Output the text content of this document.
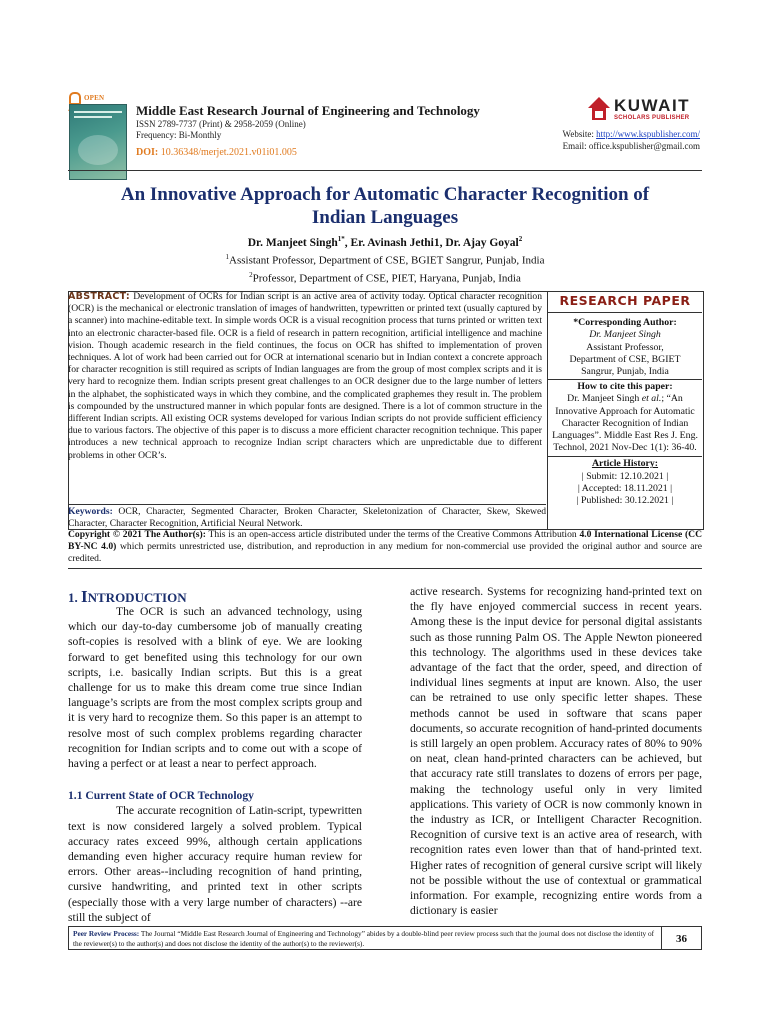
OPEN
Middle East Research Journal of Engineering and Technology
ISSN 2789-7737 (Print) & 2958-2059 (Online)
Frequency: Bi-Monthly
DOI: 10.36348/merjet.2021.v01i01.005
KUWAIT
SCHOLARS PUBLISHER
Website: http://www.kspublisher.com/
Email: office.kspublisher@gmail.com
An Innovative Approach for Automatic Character Recognition of
Indian Languages
Dr. Manjeet Singh$^{1*}$, Er. Avinash Jethi1, Dr. Ajay Goyal$^2$
$^1$Assistant Professor, Department of CSE, BGIET Sangrur, Punjab, India
$^2$Professor, Department of CSE, PIET, Haryana, Punjab, India
ABSTRACT: Development of OCRs for Indian script is an active area of activity today. Optical character recognition (OCR) is the mechanical or electronic translation of images of handwritten, typewritten or printed text (usually captured by a scanner) into machine-editable text. In simple words OCR is a visual recognition process that turns printed or written text into an electronic character-based file. OCR is a field of research in pattern recognition, artificial intelligence and machine vision. Though academic research in the field continues, the focus on OCR has shifted to implementation of proven techniques. A lot of work had been carried out for OCR at international scenario but in Indian context a concrete approach for character recognition is still required as scripts of Indian languages are from the group of most complex scripts and it is very hard to recognize them. Indian scripts present great challenges to an OCR designer due to the large number of letters in the alphabet, the sophisticated ways in which they combine, and the complicated graphemes they result in. The problem is compounded by the unstructured manner in which popular fonts are designed. There is a lot of common structure in the different Indian scripts. All existing OCR systems developed for various Indian scripts do not provide sufficient efficiency due to various factors. The objective of this paper is to discuss a more efficient character recognition technique. This paper introduces a new technical approach to recognize Indian script characters which are unpredictable due to different problems in other OCR’s.
Keywords: OCR, Character, Segmented Character, Broken Character, Skeletonization of Character, Skew, Skewed Character, Character Recognition, Artificial Neural Network.
RESEARCH PAPER
*Corresponding Author:
Dr. Manjeet Singh
Assistant Professor,
Department of CSE, BGIET
Sangrur, Punjab, India
How to cite this paper:
Dr. Manjeet Singh et al.; “An Innovative Approach for Automatic Character Recognition of Indian Languages”. Middle East Res J. Eng. Technol, 2021 Nov-Dec 1(1): 36-40.
Article History:
| Submit: 12.10.2021 |
| Accepted: 18.11.2021 |
| Published: 30.12.2021 |
Copyright © 2021 The Author(s): This is an open-access article distributed under the terms of the Creative Commons Attribution 4.0 International License (CC BY-NC 4.0) which permits unrestricted use, distribution, and reproduction in any medium for non-commercial use provided the original author and source are credited.
1. INTRODUCTION

The OCR is such an advanced technology, using which our day-to-day cumbersome job of manually creating soft-copies is resolved with a blink of eye. We are looking forward to get benefited using this technology for our own scripts, i.e. basically Indian scripts. But this is a great challenge for us to make this dream come true since Indian language’s scripts are from the most complex scripts group and it is very hard to recognize them. So this paper is an attempt to resolve most of such complex problems regarding character recognition for Indian scripts and to come out with a scope of having a perfect or at least a near to perfect approach.

1.1 Current State of OCR Technology

The accurate recognition of Latin-script, typewritten text is now considered largely a solved problem. Typical accuracy rates exceed 99%, although certain applications demanding even higher accuracy require human review for errors. Other areas--including recognition of hand printing, cursive handwriting, and printed text in other scripts (especially those with a very large number of characters) --are still the subject of

active research. Systems for recognizing hand-printed text on the fly have enjoyed commercial success in recent years. Among these is the input device for personal digital assistants such as those running Palm OS. The Apple Newton pioneered this technology. The algorithms used in these devices take advantage of the fact that the order, speed, and direction of individual lines segments at input are known. Also, the user can be retrained to use only specific letter shapes. These methods cannot be used in software that scans paper documents, so accurate recognition of hand-printed documents is still largely an open problem. Accuracy rates of 80% to 90% on neat, clean hand-printed characters can be achieved, but that accuracy rate still translates to dozens of errors per page, making the technology useful only in very limited applications. This variety of OCR is now commonly known in the industry as ICR, or Intelligent Character Recognition. Recognition of cursive text is an active area of research, with recognition rates even lower than that of hand-printed text. Higher rates of recognition of general cursive script will likely not be possible without the use of contextual or grammatical information. For example, recognizing entire words from a dictionary is easier

Peer Review Process: The Journal “Middle East Research Journal of Engineering and Technology” abides by a double-blind peer review process such that the journal does not disclose the identity of the reviewer(s) to the author(s) and does not disclose the identity of the author(s) to the reviewer(s).	36
